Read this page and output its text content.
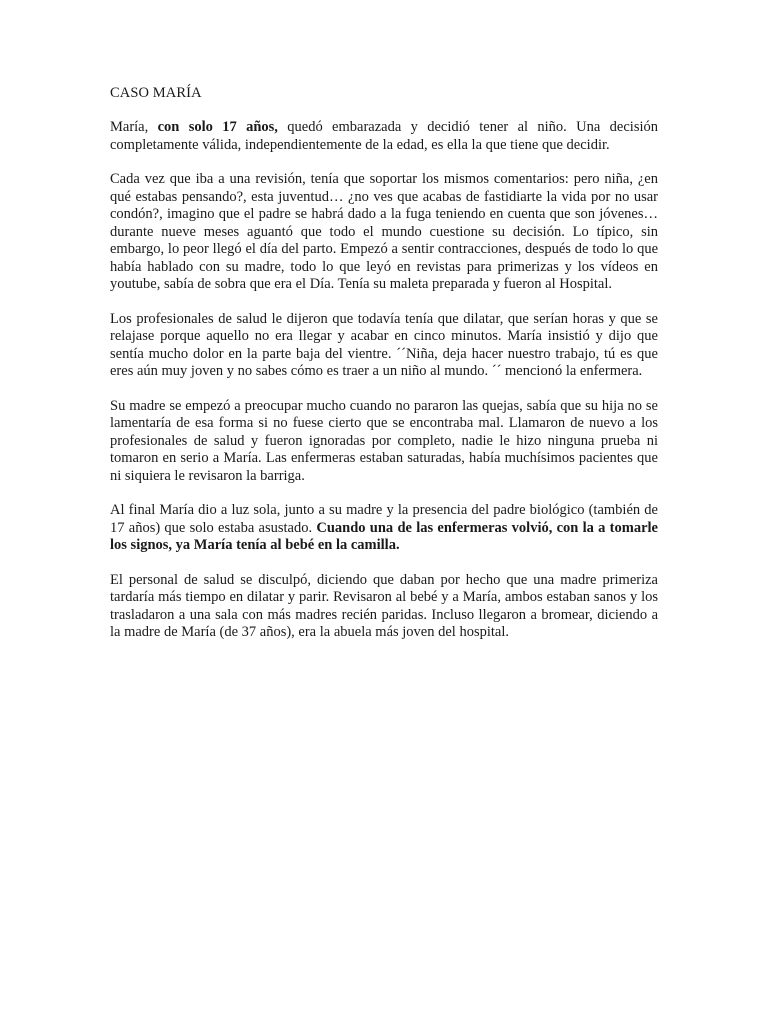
CASO MARÍA

María, con solo 17 años, quedó embarazada y decidió tener al niño. Una decisión completamente válida, independientemente de la edad, es ella la que tiene que decidir.

Cada vez que iba a una revisión, tenía que soportar los mismos comentarios: pero niña, ¿en qué estabas pensando?, esta juventud… ¿no ves que acabas de fastidiarte la vida por no usar condón?, imagino que el padre se habrá dado a la fuga teniendo en cuenta que son jóvenes…durante nueve meses aguantó que todo el mundo cuestione su decisión. Lo típico, sin embargo, lo peor llegó el día del parto. Empezó a sentir contracciones, después de todo lo que había hablado con su madre, todo lo que leyó en revistas para primerizas y los vídeos en youtube, sabía de sobra que era el Día. Tenía su maleta preparada y fueron al Hospital.

Los profesionales de salud le dijeron que todavía tenía que dilatar, que serían horas y que se relajase porque aquello no era llegar y acabar en cinco minutos. María insistió y dijo que sentía mucho dolor en la parte baja del vientre. ´´Niña, deja hacer nuestro trabajo, tú es que eres aún muy joven y no sabes cómo es traer a un niño al mundo. ´´ mencionó la enfermera.

Su madre se empezó a preocupar mucho cuando no pararon las quejas, sabía que su hija no se lamentaría de esa forma si no fuese cierto que se encontraba mal. Llamaron de nuevo a los profesionales de salud y fueron ignoradas por completo, nadie le hizo ninguna prueba ni tomaron en serio a María. Las enfermeras estaban saturadas, había muchísimos pacientes que ni siquiera le revisaron la barriga.

Al final María dio a luz sola, junto a su madre y la presencia del padre biológico (también de 17 años) que solo estaba asustado. Cuando una de las enfermeras volvió, con la a tomarle los signos, ya María tenía al bebé en la camilla.

El personal de salud se disculpó, diciendo que daban por hecho que una madre primeriza tardaría más tiempo en dilatar y parir. Revisaron al bebé y a María, ambos estaban sanos y los trasladaron a una sala con más madres recién paridas. Incluso llegaron a bromear, diciendo a la madre de María (de 37 años), era la abuela más joven del hospital.
